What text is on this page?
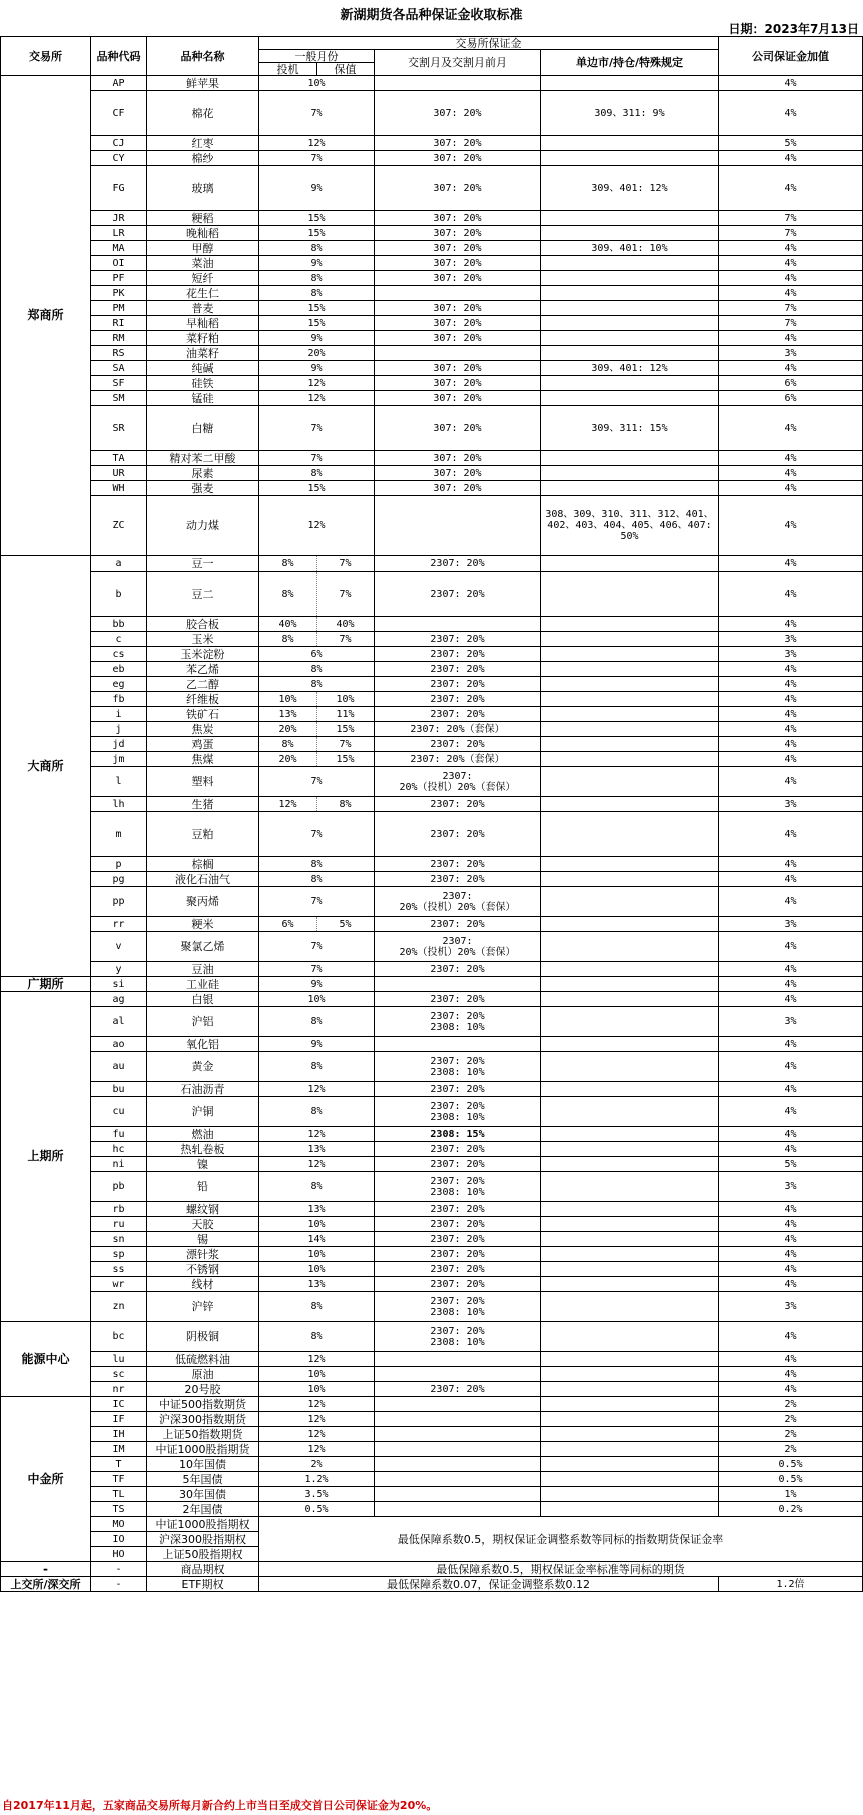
新湖期货各品种保证金收取标准
日期：2023年7月13日
交易所	品种代码	品种名称	交易所保证金				公司保证金加值
			一般月份		交割月及交割月前月	单边市/持仓/特殊规定	
			投机	保值			
郑商所	AP	鲜苹果	10%				4%
	CF	棉花	7%		307: 20%	309、311: 9%	4%
	CJ	红枣	12%		307: 20%		5%
	CY	棉纱	7%		307: 20%		4%
	FG	玻璃	9%		307: 20%	309、401: 12%	4%
	JR	粳稻	15%		307: 20%		7%
	LR	晚籼稻	15%		307: 20%		7%
	MA	甲醇	8%		307: 20%	309、401: 10%	4%
	OI	菜油	9%		307: 20%		4%
	PF	短纤	8%		307: 20%		4%
	PK	花生仁	8%				4%
	PM	普麦	15%		307: 20%		7%
	RI	早籼稻	15%		307: 20%		7%
	RM	菜籽粕	9%		307: 20%		4%
	RS	油菜籽	20%				3%
	SA	纯碱	9%		307: 20%	309、401: 12%	4%
	SF	硅铁	12%		307: 20%		6%
	SM	锰硅	12%		307: 20%		6%
	SR	白糖	7%		307: 20%	309、311: 15%	4%
	TA	精对苯二甲酸	7%		307: 20%		4%
	UR	尿素	8%		307: 20%		4%
	WH	强麦	15%		307: 20%		4%
	ZC	动力煤	12%			308、309、310、311、312、401、402、403、404、405、406、407: 50%	4%
大商所	a	豆一	8%	7%	2307: 20%		4%
	b	豆二	8%	7%	2307: 20%		4%
	bb	胶合板	40%	40%			4%
	c	玉米	8%	7%	2307: 20%		3%
	cs	玉米淀粉	6%		2307: 20%		3%
	eb	苯乙烯	8%		2307: 20%		4%
	eg	乙二醇	8%		2307: 20%		4%
	fb	纤维板	10%	10%	2307: 20%		4%
	i	铁矿石	13%	11%	2307: 20%		4%
	j	焦炭	20%	15%	2307: 20%（套保）		4%
	jd	鸡蛋	8%	7%	2307: 20%		4%
	jm	焦煤	20%	15%	2307: 20%（套保）		4%
	l	塑料	7%		2307:
20%（投机）20%（套保）		4%
	lh	生猪	12%	8%	2307: 20%		3%
	m	豆粕	7%		2307: 20%		4%
	p	棕榈	8%		2307: 20%		4%
	pg	液化石油气	8%		2307: 20%		4%
	pp	聚丙烯	7%		2307:
20%（投机）20%（套保）		4%
	rr	粳米	6%	5%	2307: 20%		3%
	v	聚氯乙烯	7%		2307:
20%（投机）20%（套保）		4%
	y	豆油	7%		2307: 20%		4%
广期所	si	工业硅	9%				4%
上期所	ag	白银	10%		2307: 20%		4%
	al	沪铝	8%		2307: 20%
2308: 10%		3%
	ao	氧化铝	9%				4%
	au	黄金	8%		2307: 20%
2308: 10%		4%
	bu	石油沥青	12%		2307: 20%		4%
	cu	沪铜	8%		2307: 20%
2308: 10%		4%
	fu	燃油	12%		2308: 15%		4%
	hc	热轧卷板	13%		2307: 20%		4%
	ni	镍	12%		2307: 20%		5%
	pb	铅	8%		2307: 20%
2308: 10%		3%
	rb	螺纹钢	13%		2307: 20%		4%
	ru	天胶	10%		2307: 20%		4%
	sn	锡	14%		2307: 20%		4%
	sp	漂针浆	10%		2307: 20%		4%
	ss	不锈钢	10%		2307: 20%		4%
	wr	线材	13%		2307: 20%		4%
	zn	沪锌	8%		2307: 20%
2308: 10%		3%
能源中心	bc	阴极铜	8%		2307: 20%
2308: 10%		4%
	lu	低硫燃料油	12%				4%
	sc	原油	10%				4%
	nr	20号胶	10%		2307: 20%		4%
中金所	IC	中证500指数期货	12%				2%
	IF	沪深300指数期货	12%				2%
	IH	上证50指数期货	12%				2%
	IM	中证1000股指期货	12%				2%
	T	10年国债	2%				0.5%
	TF	5年国债	1.2%				0.5%
	TL	30年国债	3.5%				1%
	TS	2年国债	0.5%				0.2%
	MO	中证1000股指期权	最低保障系数0.5，期权保证金调整系数等同标的指数期货保证金率				
	IO	沪深300股指期权					
	HO	上证50股指期权					
-	-	商品期权	最低保障系数0.5，期权保证金率标准等同标的期货				
上交所/深交所	-	ETF期权	最低保障系数0.07，保证金调整系数0.12				1.2倍
自2017年11月起，五家商品交易所每月新合约上市当日至成交首日公司保证金为20%。
